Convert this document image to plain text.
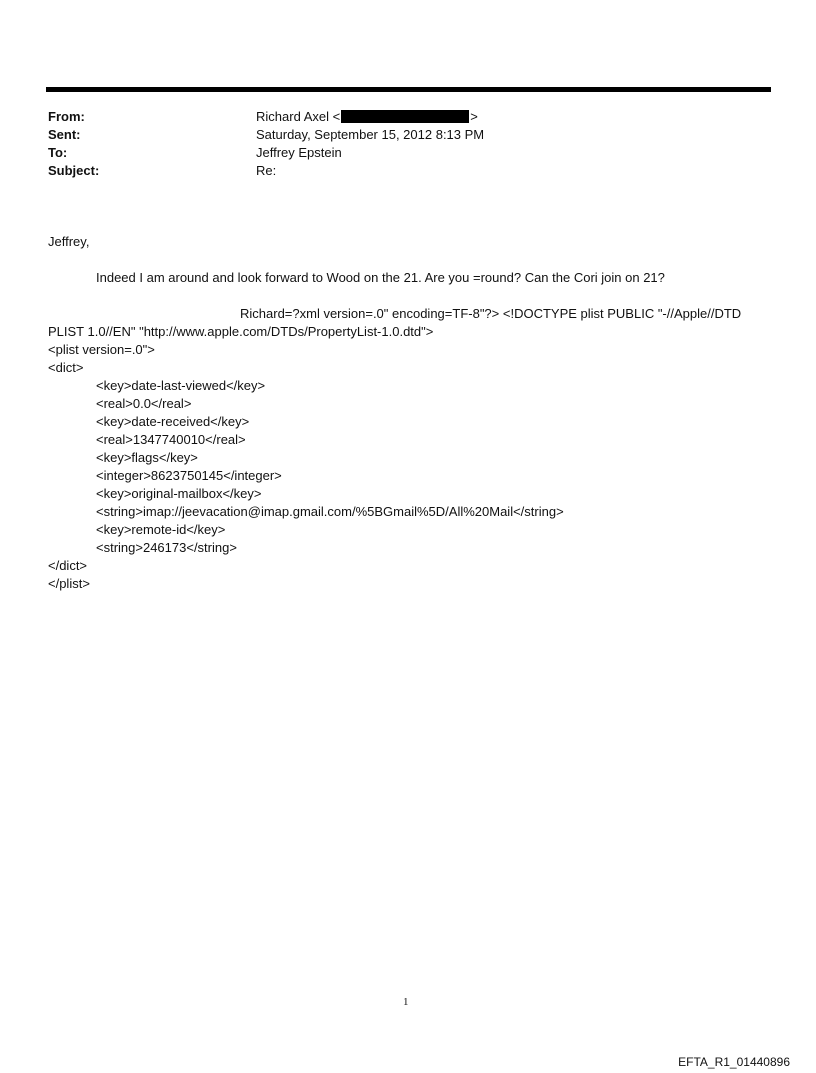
From:	Richard Axel <	>
Sent:	Saturday, September 15, 2012 8:13 PM
To:	Jeffrey Epstein
Subject:	Re:
Jeffrey,
Indeed I am around and look forward to Wood on the 21. Are you =round? Can the Cori join on 21?
Richard=?xml version=.0" encoding=TF-8"?> <!DOCTYPE plist PUBLIC "-//Apple//DTD
PLIST 1.0//EN" "http://www.apple.com/DTDs/PropertyList-1.0.dtd">
<plist version=.0">
<dict>
<key>date-last-viewed</key>
<real>0.0</real>
<key>date-received</key>
<real>1347740010</real>
<key>flags</key>
<integer>8623750145</integer>
<key>original-mailbox</key>
<string>imap://jeevacation@imap.gmail.com/%5BGmail%5D/All%20Mail</string>
<key>remote-id</key>
<string>246173</string>
</dict>
</plist>
1
EFTA_R1_01440896
